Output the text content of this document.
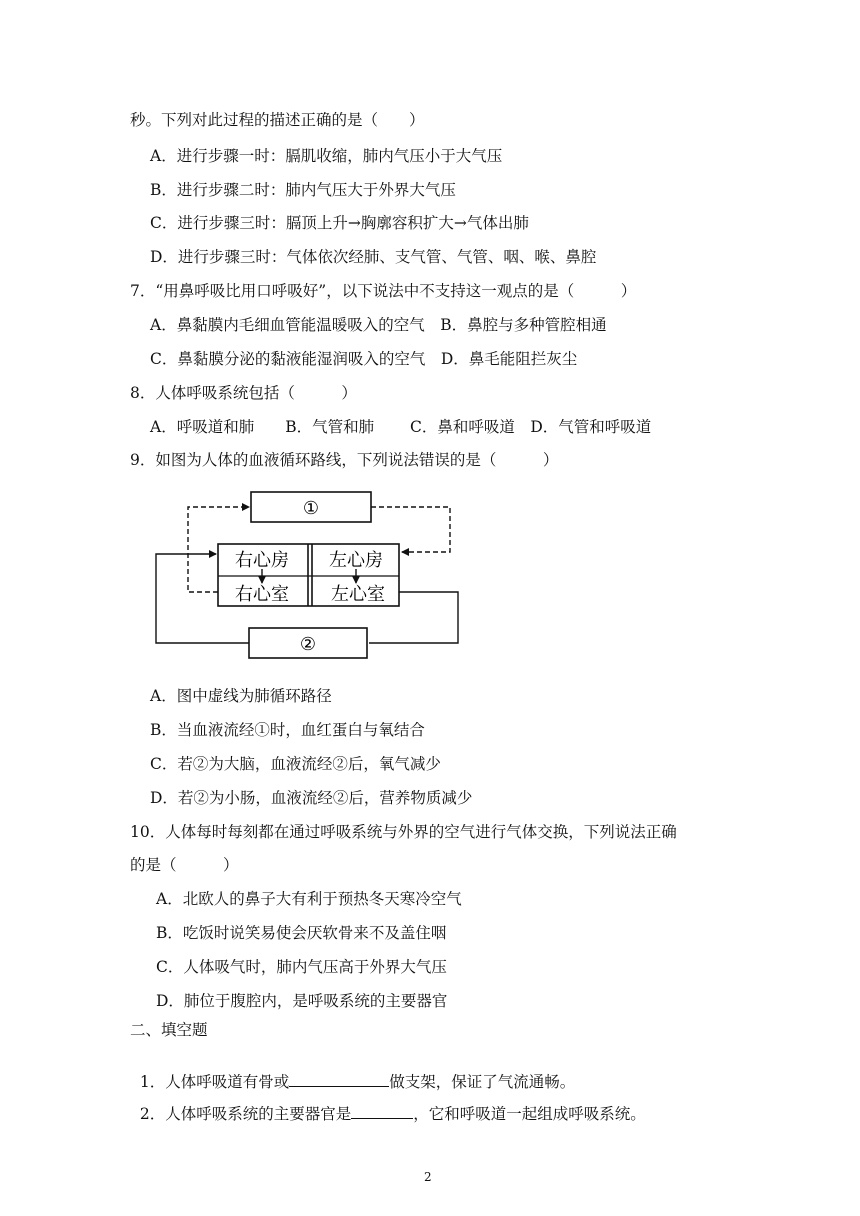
秒。下列对此过程的描述正确的是（　　）
A．进行步骤一时：膈肌收缩，肺内气压小于大气压
B．进行步骤二时：肺内气压大于外界大气压
C．进行步骤三时：膈顶上升→胸廓容积扩大→气体出肺
D．进行步骤三时：气体依次经肺、支气管、气管、咽、喉、鼻腔
7．“用鼻呼吸比用口呼吸好”，以下说法中不支持这一观点的是（　　　）
A．鼻黏膜内毛细血管能温暖吸入的空气　B．鼻腔与多种管腔相通
C．鼻黏膜分泌的黏液能湿润吸入的空气　D．鼻毛能阻拦灰尘
8．人体呼吸系统包括（　　　）
A．呼吸道和肺　　B．气管和肺　　 C．鼻和呼吸道　D．气管和呼吸道
9．如图为人体的血液循环路线，下列说法错误的是（　　　）
①
②
右心房
右心室
左心房
左心室
A．图中虚线为肺循环路径
B．当血液流经①时，血红蛋白与氧结合
C．若②为大脑，血液流经②后，氧气减少
D．若②为小肠，血液流经②后，营养物质减少
10．人体每时每刻都在通过呼吸系统与外界的空气进行气体交换，下列说法正确
的是（　　　）
A．北欧人的鼻子大有利于预热冬天寒冷空气
B．吃饭时说笑易使会厌软骨来不及盖住咽
C．人体吸气时，肺内气压高于外界大气压
D．肺位于腹腔内，是呼吸系统的主要器官
二、填空题

1．人体呼吸道有骨或	做支架，保证了气流通畅。

2．人体呼吸系统的主要器官是	，它和呼吸道一起组成呼吸系统。

2
